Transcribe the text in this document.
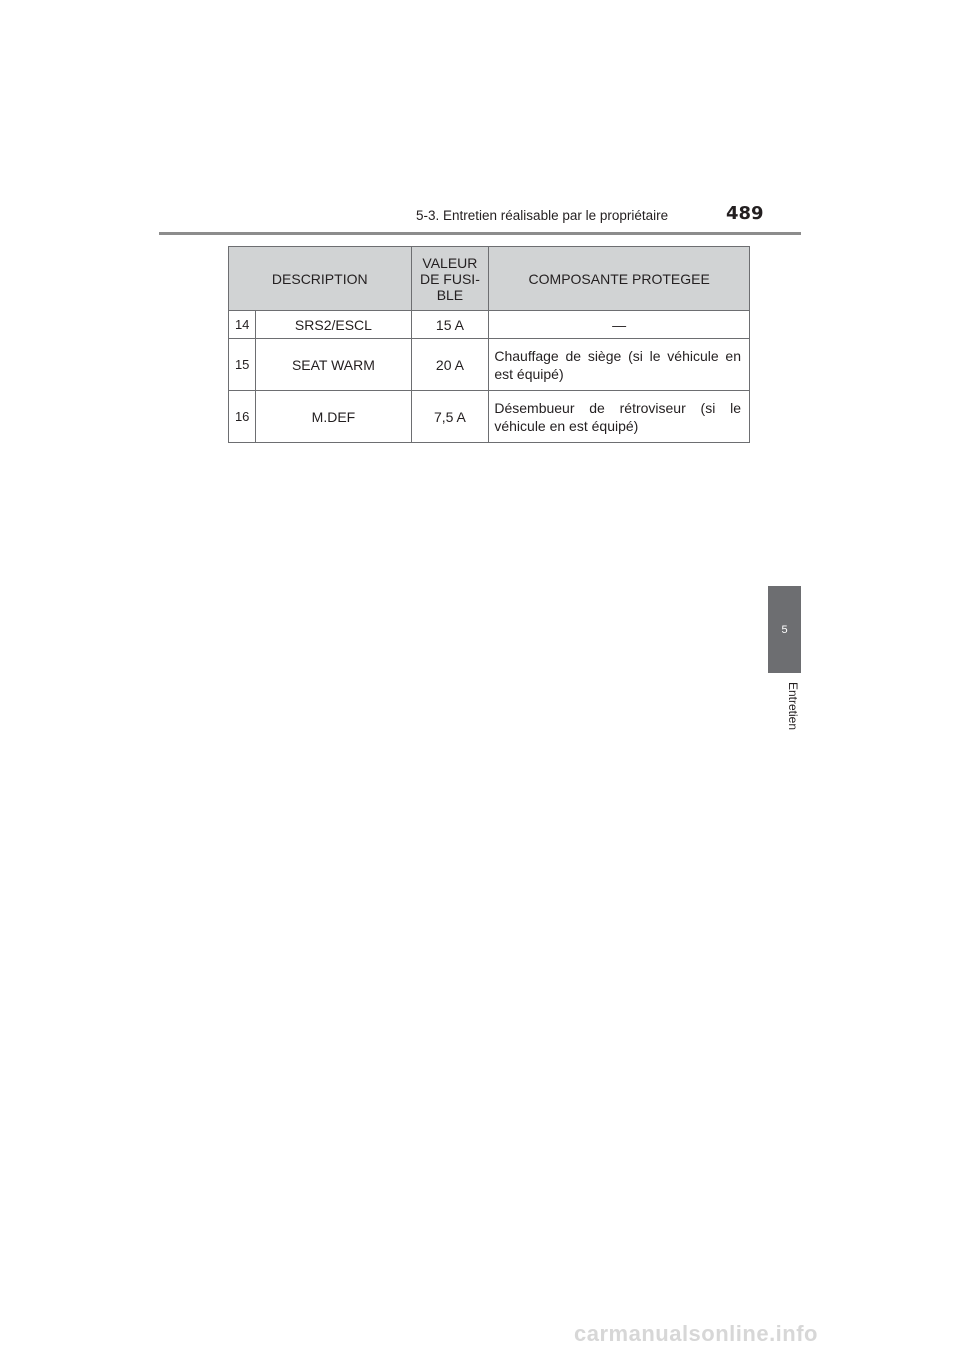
5-3. Entretien réalisable par le propriétaire	489
DESCRIPTION		VALEUR
DE FUSI-
BLE	COMPOSANTE PROTEGEE
14	SRS2/ESCL	15 A	—
15	SEAT WARM	20 A	Chauffage de siège (si le véhicule en est équipé)
16	M.DEF	7,5 A	Désembueur de rétroviseur (si le véhicule en est équipé)
5
Entretien
carmanualsonline.info
